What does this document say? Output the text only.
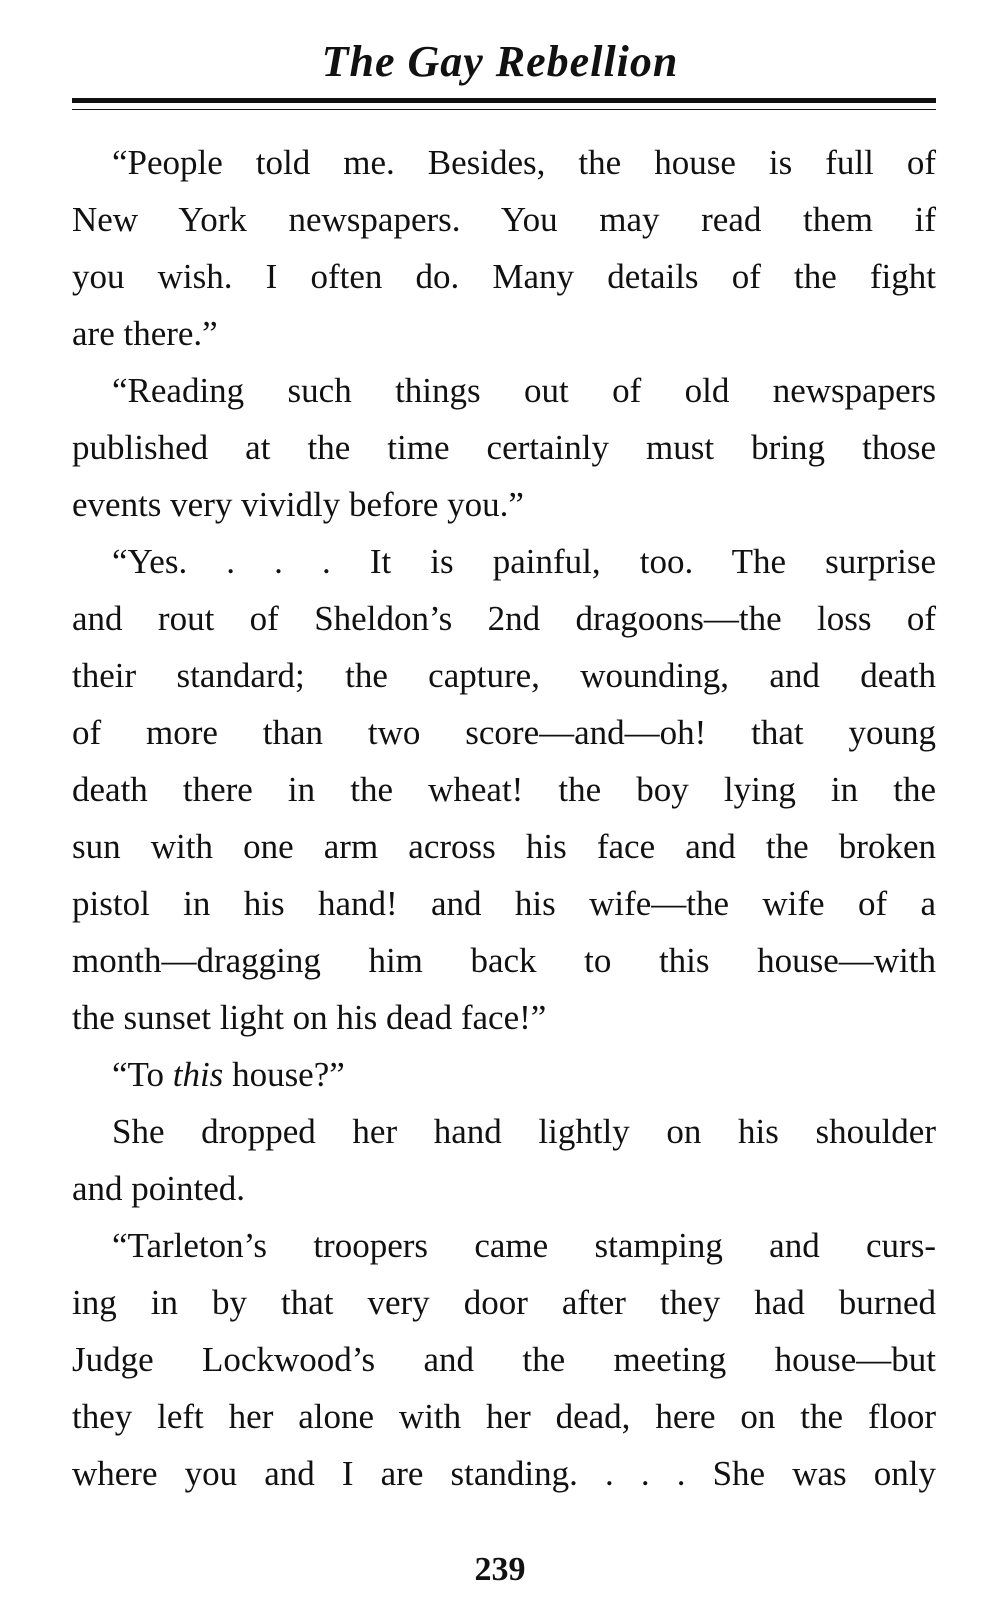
The Gay Rebellion
“People told me. Besides, the house is full of
New York newspapers. You may read them if
you wish. I often do. Many details of the fight
are there.”
“Reading such things out of old newspapers
published at the time certainly must bring those
events very vividly before you.”
“Yes. . . . It is painful, too. The surprise
and rout of Sheldon’s 2nd dragoons—the loss of
their standard; the capture, wounding, and death
of more than two score—and—oh! that young
death there in the wheat! the boy lying in the
sun with one arm across his face and the broken
pistol in his hand! and his wife—the wife of a
month—dragging him back to this house—with
the sunset light on his dead face!”
“To this house?”
She dropped her hand lightly on his shoulder
and pointed.
“Tarleton’s troopers came stamping and curs-
ing in by that very door after they had burned
Judge Lockwood’s and the meeting house—but
they left her alone with her dead, here on the floor
where you and I are standing. . . . She was only
239
